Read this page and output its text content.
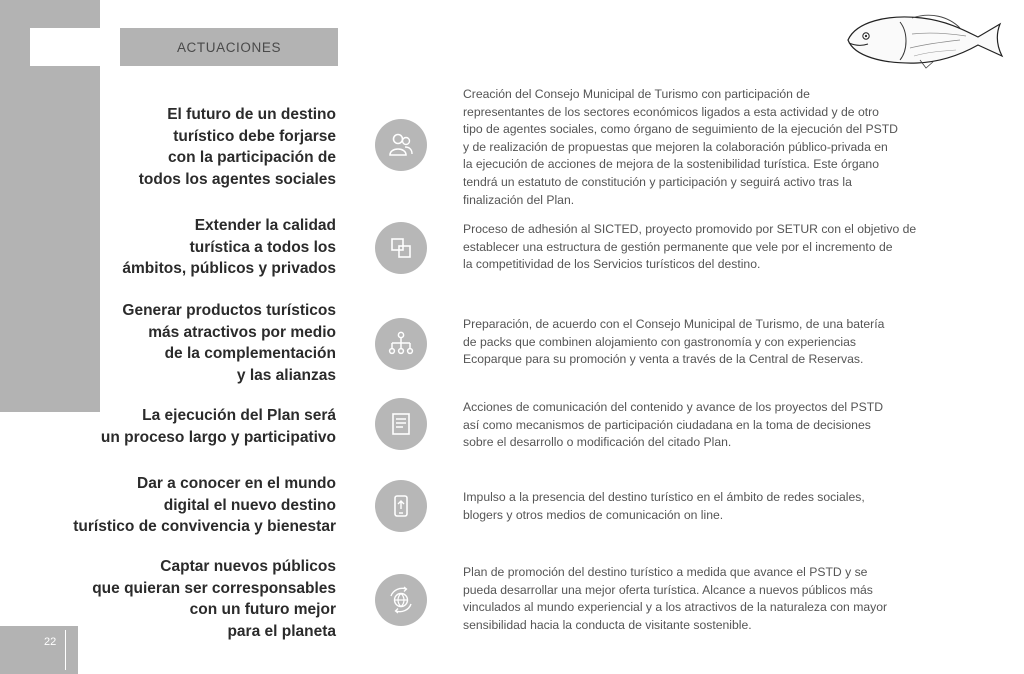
ACTUACIONES
El futuro de un destino
turístico debe forjarse
con la participación de
todos los agentes sociales
Creación del Consejo Municipal de Turismo con participación de
representantes de los sectores económicos ligados a esta actividad y de otro
tipo de agentes sociales, como órgano de seguimiento de la ejecución del PSTD
y de realización de propuestas que mejoren la colaboración público-privada en
la ejecución de acciones de mejora de la sostenibilidad turística. Este órgano
tendrá un estatuto de constitución y participación y seguirá activo tras la
finalización del Plan.
Extender la calidad
turística a todos los
ámbitos, públicos y privados
Proceso de adhesión al SICTED, proyecto promovido por SETUR con el objetivo de
establecer una estructura de gestión permanente que vele por el incremento de
la competitividad de los Servicios turísticos del destino.
Generar productos turísticos
más atractivos por medio
de la complementación
y las alianzas
Preparación, de acuerdo con el Consejo Municipal de Turismo, de una batería
de packs que combinen alojamiento con gastronomía y con experiencias
Ecoparque para su promoción y venta a través de la Central de Reservas.
La ejecución del Plan será
un proceso largo y participativo
Acciones de comunicación del contenido y avance de los proyectos del PSTD
así como mecanismos de participación ciudadana en la toma de decisiones
sobre el desarrollo o modificación del citado Plan.
Dar a conocer en el mundo
digital el nuevo destino
turístico de convivencia y bienestar
Impulso a la presencia del destino turístico en el ámbito de redes sociales,
blogers y otros medios de comunicación on line.
Captar nuevos públicos
que quieran ser corresponsables
con un futuro mejor
para el planeta
Plan de promoción del destino turístico a medida que avance el PSTD y se
pueda desarrollar una mejor oferta turística. Alcance a nuevos públicos más
vinculados al mundo experiencial y a los atractivos de la naturaleza con mayor
sensibilidad hacia la conducta de visitante sostenible.
22
